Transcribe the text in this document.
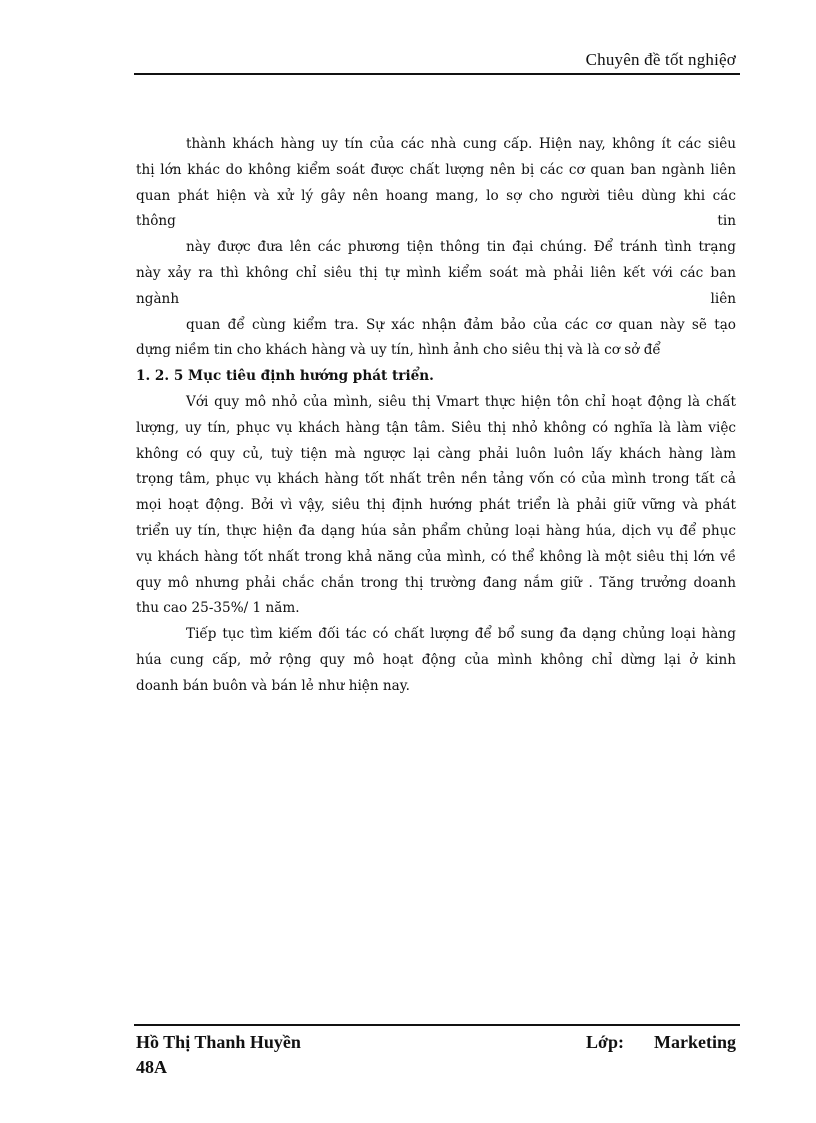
Chuyên đề tốt nghiệơ
thành khách hàng uy tín của các nhà cung cấp. Hiện nay, không ít các siêu
thị lớn khác do không kiểm soát được chất lượng nên bị các cơ quan ban ngành liên
quan phát hiện và xử lý gây nên hoang mang, lo sợ cho người tiêu dùng khi các
thông tin
này được đưa lên các phương tiện thông tin đại chúng. Để tránh tình trạng
này xảy ra thì không chỉ siêu thị tự mình kiểm soát mà phải liên kết với các ban
ngành liên
quan để cùng kiểm tra. Sự xác nhận đảm bảo của các cơ quan này sẽ tạo
dựng niềm tin cho khách hàng và uy tín, hình ảnh cho siêu thị và là cơ sở để
1. 2. 5 Mục tiêu định hướng phát triển.
Với quy mô nhỏ của mình, siêu thị Vmart thực hiện tôn chỉ hoạt động là chất
lượng, uy tín, phục vụ khách hàng tận tâm. Siêu thị nhỏ không có nghĩa là làm việc
không có quy củ, tuỳ tiện mà ngược lại càng phải luôn luôn lấy khách hàng làm
trọng tâm, phục vụ khách hàng tốt nhất trên nền tảng vốn có của mình trong tất cả
mọi hoạt động. Bởi vì vậy, siêu thị định hướng phát triển là phải giữ vững và phát
triển uy tín, thực hiện đa dạng húa sản phẩm chủng loại hàng húa, dịch vụ để phục
vụ khách hàng tốt nhất trong khả năng của mình, có thể không là một siêu thị lớn về
quy mô nhưng phải chắc chắn trong thị trường đang nắm giữ . Tăng trưởng doanh
thu cao 25-35%/ 1 năm.
Tiếp tục tìm kiếm đối tác có chất lượng để bổ sung đa dạng chủng loại hàng
húa cung cấp, mở rộng quy mô hoạt động của mình không chỉ dừng lại ở kinh
doanh bán buôn và bán lẻ như hiện nay.
Hồ Thị Thanh Huyền	Lớp: Marketing
48A
